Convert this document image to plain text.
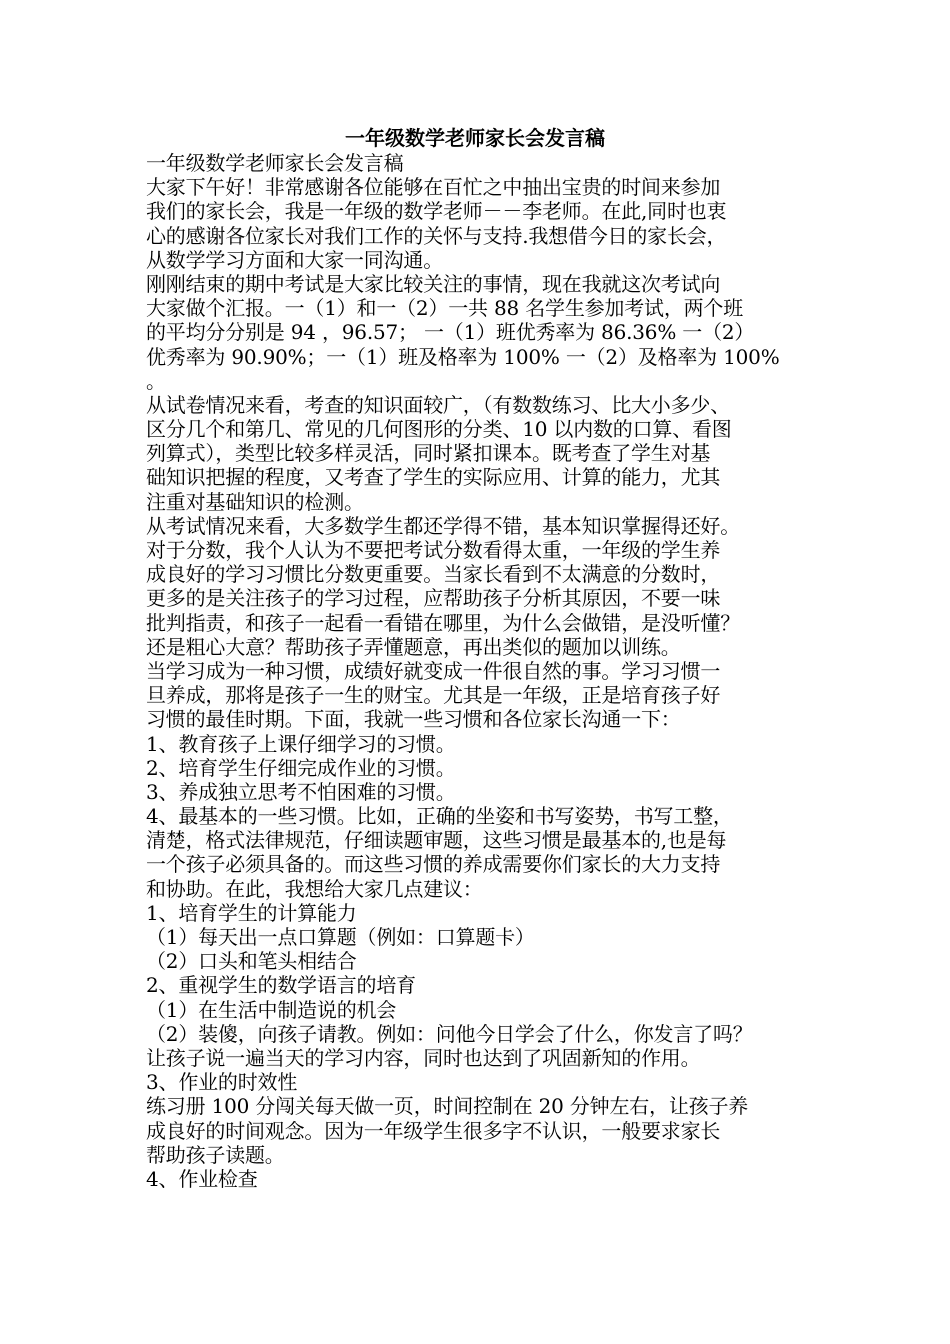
一年级数学老师家长会发言稿
一年级数学老师家长会发言稿
大家下午好！非常感谢各位能够在百忙之中抽出宝贵的时间来参加
我们的家长会，我是一年级的数学老师－－李老师。在此,同时也衷
心的感谢各位家长对我们工作的关怀与支持.我想借今日的家长会，
从数学学习方面和大家一同沟通。
刚刚结束的期中考试是大家比较关注的事情，现在我就这次考试向
大家做个汇报。一（1）和一（2）一共 88 名学生参加考试，两个班
的平均分分别是 94 ，96.57； 一（1）班优秀率为 86.36% 一（2）
优秀率为 90.90%；一（1）班及格率为 100% 一（2）及格率为 100%
。
从试卷情况来看，考查的知识面较广，（有数数练习、比大小多少、
区分几个和第几、常见的几何图形的分类、10 以内数的口算、看图
列算式），类型比较多样灵活，同时紧扣课本。既考查了学生对基
础知识把握的程度，又考查了学生的实际应用、计算的能力，尤其
注重对基础知识的检测。
从考试情况来看，大多数学生都还学得不错，基本知识掌握得还好。
对于分数，我个人认为不要把考试分数看得太重，一年级的学生养
成良好的学习习惯比分数更重要。当家长看到不太满意的分数时，
更多的是关注孩子的学习过程，应帮助孩子分析其原因，不要一味
批判指责，和孩子一起看一看错在哪里，为什么会做错，是没听懂？
还是粗心大意？帮助孩子弄懂题意，再出类似的题加以训练。
当学习成为一种习惯，成绩好就变成一件很自然的事。学习习惯一
旦养成，那将是孩子一生的财宝。尤其是一年级，正是培育孩子好
习惯的最佳时期。下面，我就一些习惯和各位家长沟通一下：
1、教育孩子上课仔细学习的习惯。
2、培育学生仔细完成作业的习惯。
3、养成独立思考不怕困难的习惯。
4、最基本的一些习惯。比如，正确的坐姿和书写姿势，书写工整，
清楚，格式法律规范，仔细读题审题，这些习惯是最基本的,也是每
一个孩子必须具备的。而这些习惯的养成需要你们家长的大力支持
和协助。在此，我想给大家几点建议：
1、培育学生的计算能力
（1）每天出一点口算题（例如：口算题卡）
（2）口头和笔头相结合
2、重视学生的数学语言的培育
（1）在生活中制造说的机会
（2）装傻，向孩子请教。例如：问他今日学会了什么，你发言了吗？
让孩子说一遍当天的学习内容，同时也达到了巩固新知的作用。
3、作业的时效性
练习册 100 分闯关每天做一页，时间控制在 20 分钟左右，让孩子养
成良好的时间观念。因为一年级学生很多字不认识，一般要求家长
帮助孩子读题。
4、作业检查
